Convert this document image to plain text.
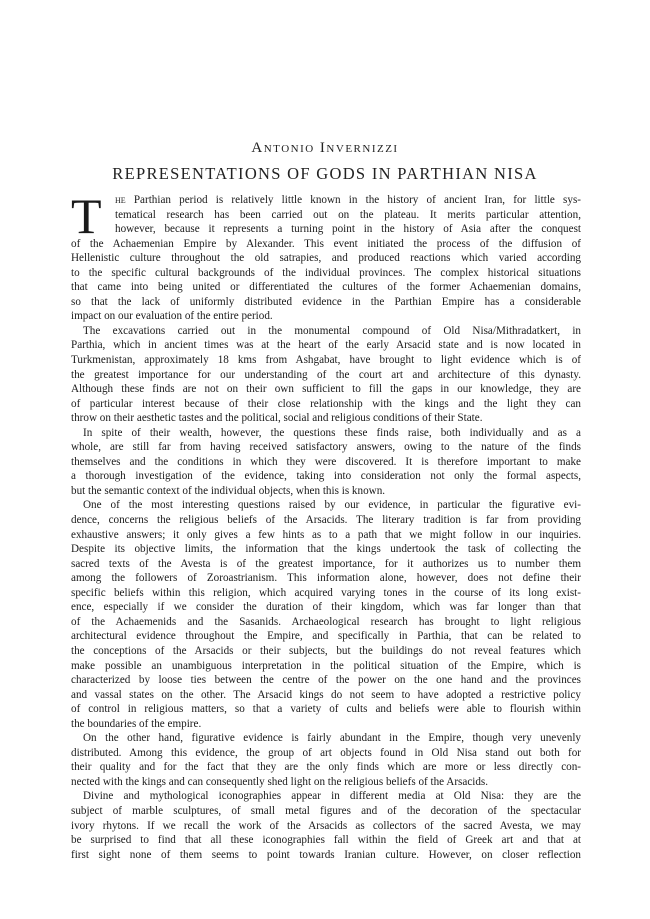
Antonio Invernizzi
REPRESENTATIONS OF GODS IN PARTHIAN NISA
T	he Parthian period is relatively little known in the history of ancient Iran, for little sys-
tematical research has been carried out on the plateau. It merits particular attention,
however, because it represents a turning point in the history of Asia after the conquest
of the Achaemenian Empire by Alexander. This event initiated the process of the diffusion of
Hellenistic culture throughout the old satrapies, and produced reactions which varied according
to the specific cultural backgrounds of the individual provinces. The complex historical situations
that came into being united or differentiated the cultures of the former Achaemenian domains,
so that the lack of uniformly distributed evidence in the Parthian Empire has a considerable
impact on our evaluation of the entire period.
The excavations carried out in the monumental compound of Old Nisa/Mithradatkert, in
Parthia, which in ancient times was at the heart of the early Arsacid state and is now located in
Turkmenistan, approximately 18 kms from Ashgabat, have brought to light evidence which is of
the greatest importance for our understanding of the court art and architecture of this dynasty.
Although these finds are not on their own sufficient to fill the gaps in our knowledge, they are
of particular interest because of their close relationship with the kings and the light they can
throw on their aesthetic tastes and the political, social and religious conditions of their State.
In spite of their wealth, however, the questions these finds raise, both individually and as a
whole, are still far from having received satisfactory answers, owing to the nature of the finds
themselves and the conditions in which they were discovered. It is therefore important to make
a thorough investigation of the evidence, taking into consideration not only the formal aspects,
but the semantic context of the individual objects, when this is known.
One of the most interesting questions raised by our evidence, in particular the figurative evi-
dence, concerns the religious beliefs of the Arsacids. The literary tradition is far from providing
exhaustive answers; it only gives a few hints as to a path that we might follow in our inquiries.
Despite its objective limits, the information that the kings undertook the task of collecting the
sacred texts of the Avesta is of the greatest importance, for it authorizes us to number them
among the followers of Zoroastrianism. This information alone, however, does not define their
specific beliefs within this religion, which acquired varying tones in the course of its long exist-
ence, especially if we consider the duration of their kingdom, which was far longer than that
of the Achaemenids and the Sasanids. Archaeological research has brought to light religious
architectural evidence throughout the Empire, and specifically in Parthia, that can be related to
the conceptions of the Arsacids or their subjects, but the buildings do not reveal features which
make possible an unambiguous interpretation in the political situation of the Empire, which is
characterized by loose ties between the centre of the power on the one hand and the provinces
and vassal states on the other. The Arsacid kings do not seem to have adopted a restrictive policy
of control in religious matters, so that a variety of cults and beliefs were able to flourish within
the boundaries of the empire.
On the other hand, figurative evidence is fairly abundant in the Empire, though very unevenly
distributed. Among this evidence, the group of art objects found in Old Nisa stand out both for
their quality and for the fact that they are the only finds which are more or less directly con-
nected with the kings and can consequently shed light on the religious beliefs of the Arsacids.
Divine and mythological iconographies appear in different media at Old Nisa: they are the
subject of marble sculptures, of small metal figures and of the decoration of the spectacular
ivory rhytons. If we recall the work of the Arsacids as collectors of the sacred Avesta, we may
be surprised to find that all these iconographies fall within the field of Greek art and that at
first sight none of them seems to point towards Iranian culture. However, on closer reflection
